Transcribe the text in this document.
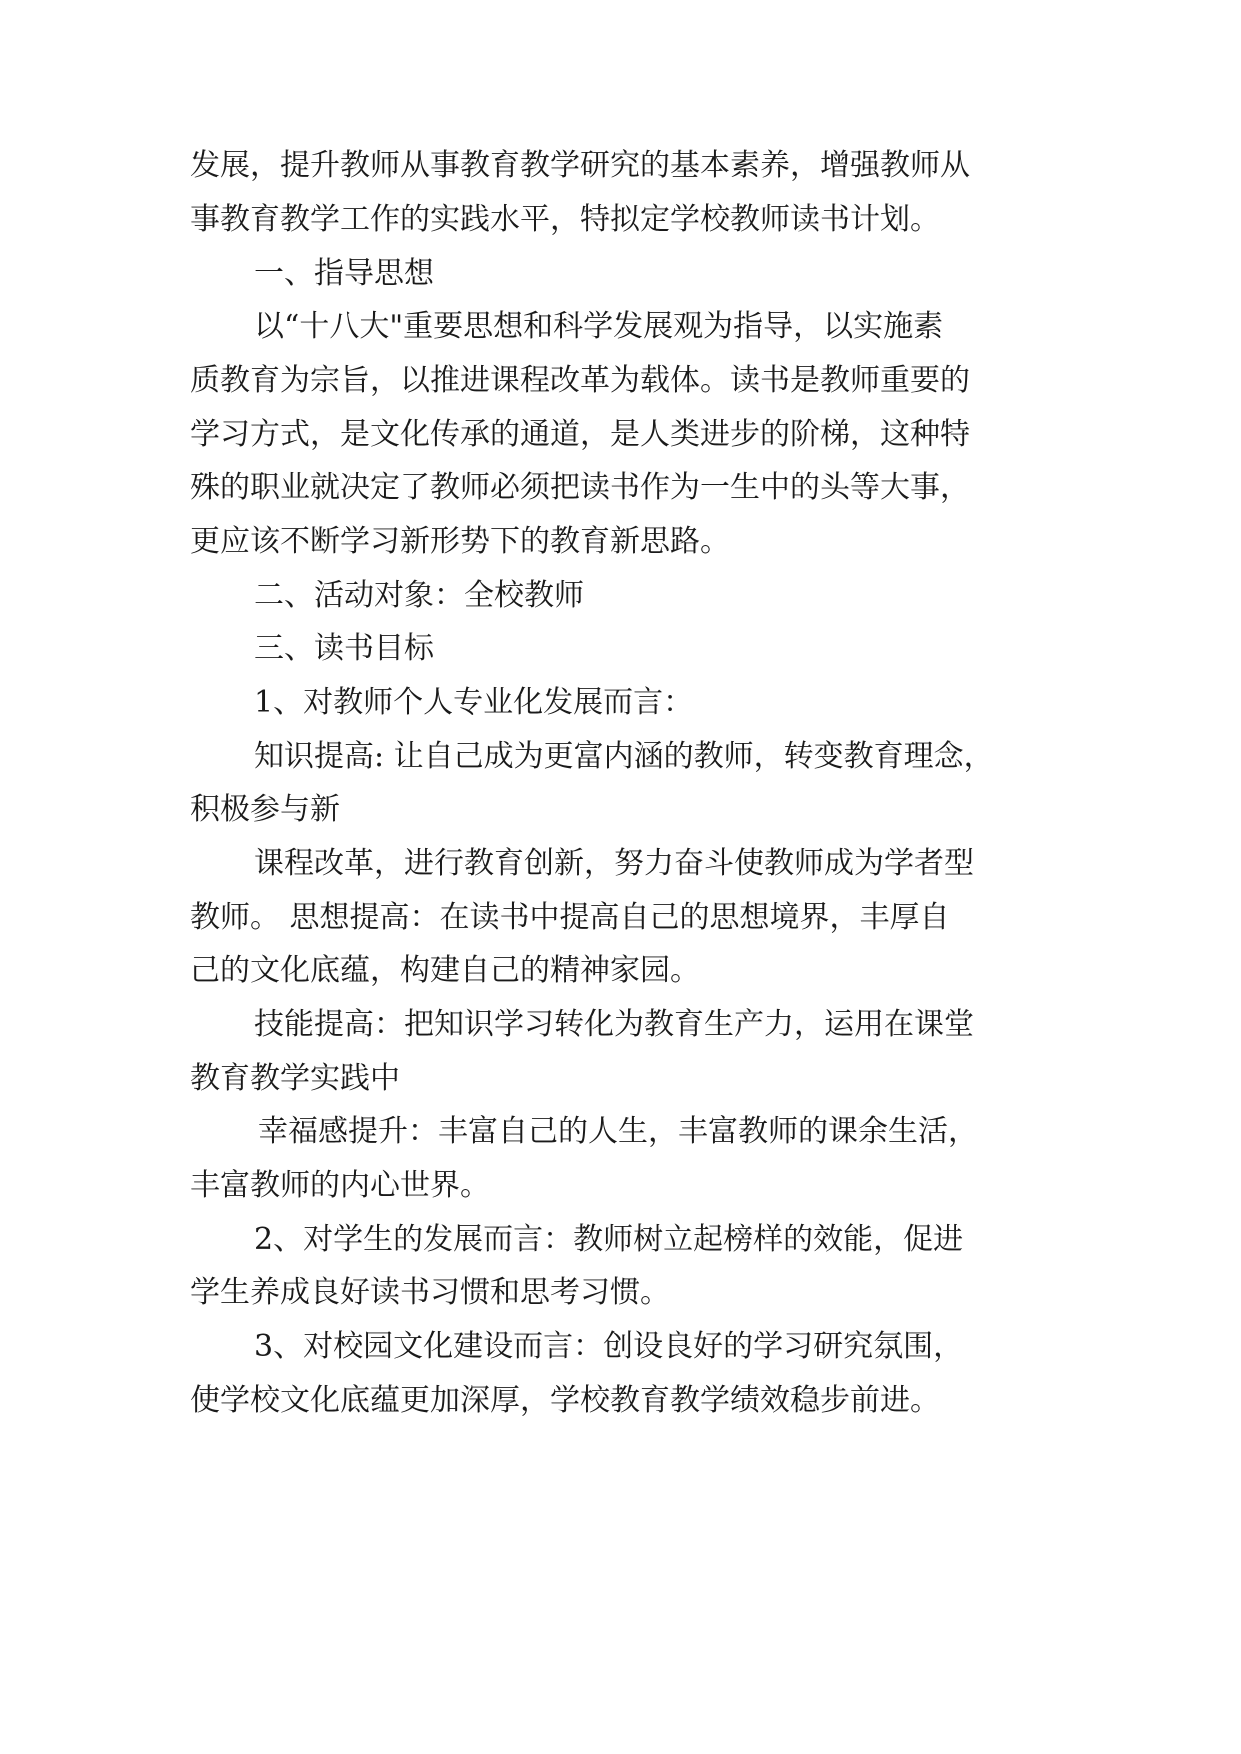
发展，提升教师从事教育教学研究的基本素养，增强教师从

事教育教学工作的实践水平，特拟定学校教师读书计划。

一、指导思想

以“十八大"重要思想和科学发展观为指导，以实施素

质教育为宗旨，以推进课程改革为载体。读书是教师重要的

学习方式，是文化传承的通道，是人类进步的阶梯，这种特

殊的职业就决定了教师必须把读书作为一生中的头等大事，

更应该不断学习新形势下的教育新思路。

二、活动对象：全校教师

三、读书目标

1、对教师个人专业化发展而言：

知识提高: 让自己成为更富内涵的教师，转变教育理念，

积极参与新

课程改革，进行教育创新，努力奋斗使教师成为学者型

教师。 思想提高：在读书中提高自己的思想境界，丰厚自

己的文化底蕴，构建自己的精神家园。

技能提高：把知识学习转化为教育生产力，运用在课堂

教育教学实践中

幸福感提升：丰富自己的人生，丰富教师的课余生活，

丰富教师的内心世界。

2、对学生的发展而言：教师树立起榜样的效能，促进

学生养成良好读书习惯和思考习惯。

3、对校园文化建设而言：创设良好的学习研究氛围，

使学校文化底蕴更加深厚，学校教育教学绩效稳步前进。
